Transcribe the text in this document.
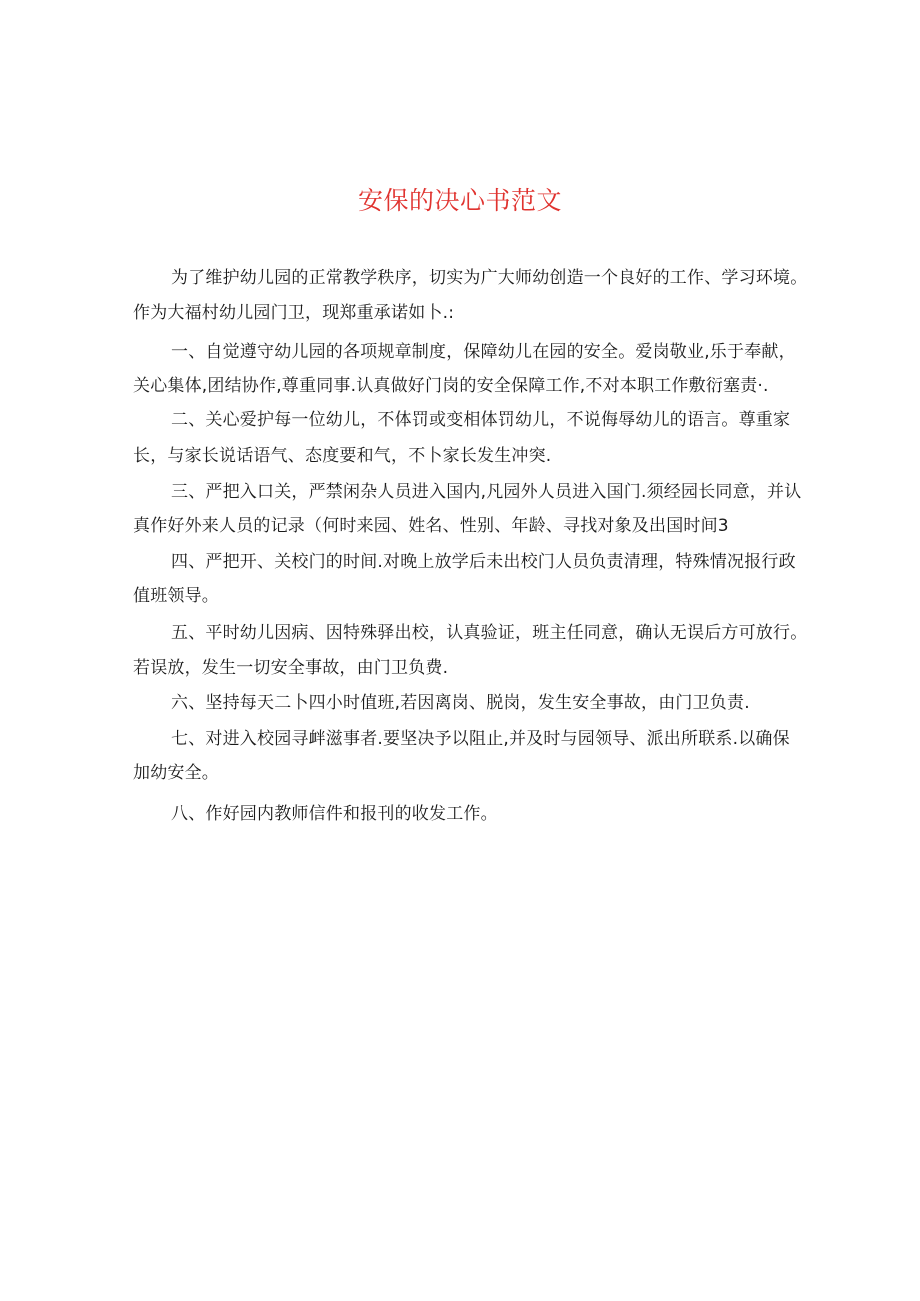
安保的决心书范文
为了维护幼儿园的正常教学秩序，切实为广大师幼创造一个良好的工作、学习环境。
作为大福村幼儿园门卫，现郑重承诺如卜.:
一、自觉遵守幼儿园的各项规章制度，保障幼儿在园的安全。爱岗敬业,乐于奉献，
关心集体,团结协作,尊重同事.认真做好门岗的安全保障工作,不对本职工作敷衍塞责·.
二、关心爱护每一位幼儿，不体罚或变相体罚幼儿，不说侮辱幼儿的语言。尊重家
长，与家长说话语气、态度要和气，不卜家长发生冲突.
三、严把入口关，严禁闲杂人员进入国内,凡园外人员进入国门.须经园长同意，并认
真作好外来人员的记录（何时来园、姓名、性别、年龄、寻找对象及出国时间3
四、严把开、关校门的时间.对晚上放学后未出校门人员负责清理，特殊情况报行政
值班领导。
五、平时幼儿因病、因特殊驿出校，认真验证，班主任同意，确认无误后方可放行。
若误放，发生一切安全事故，由门卫负费.
六、坚持每天二卜四小时值班,若因离岗、脱岗，发生安全事故，由门卫负责.
七、对进入校园寻衅滋事者.要坚决予以阻止,并及时与园领导、派出所联系.以确保
加幼安全。
八、作好园内教师信件和报刊的收发工作。
